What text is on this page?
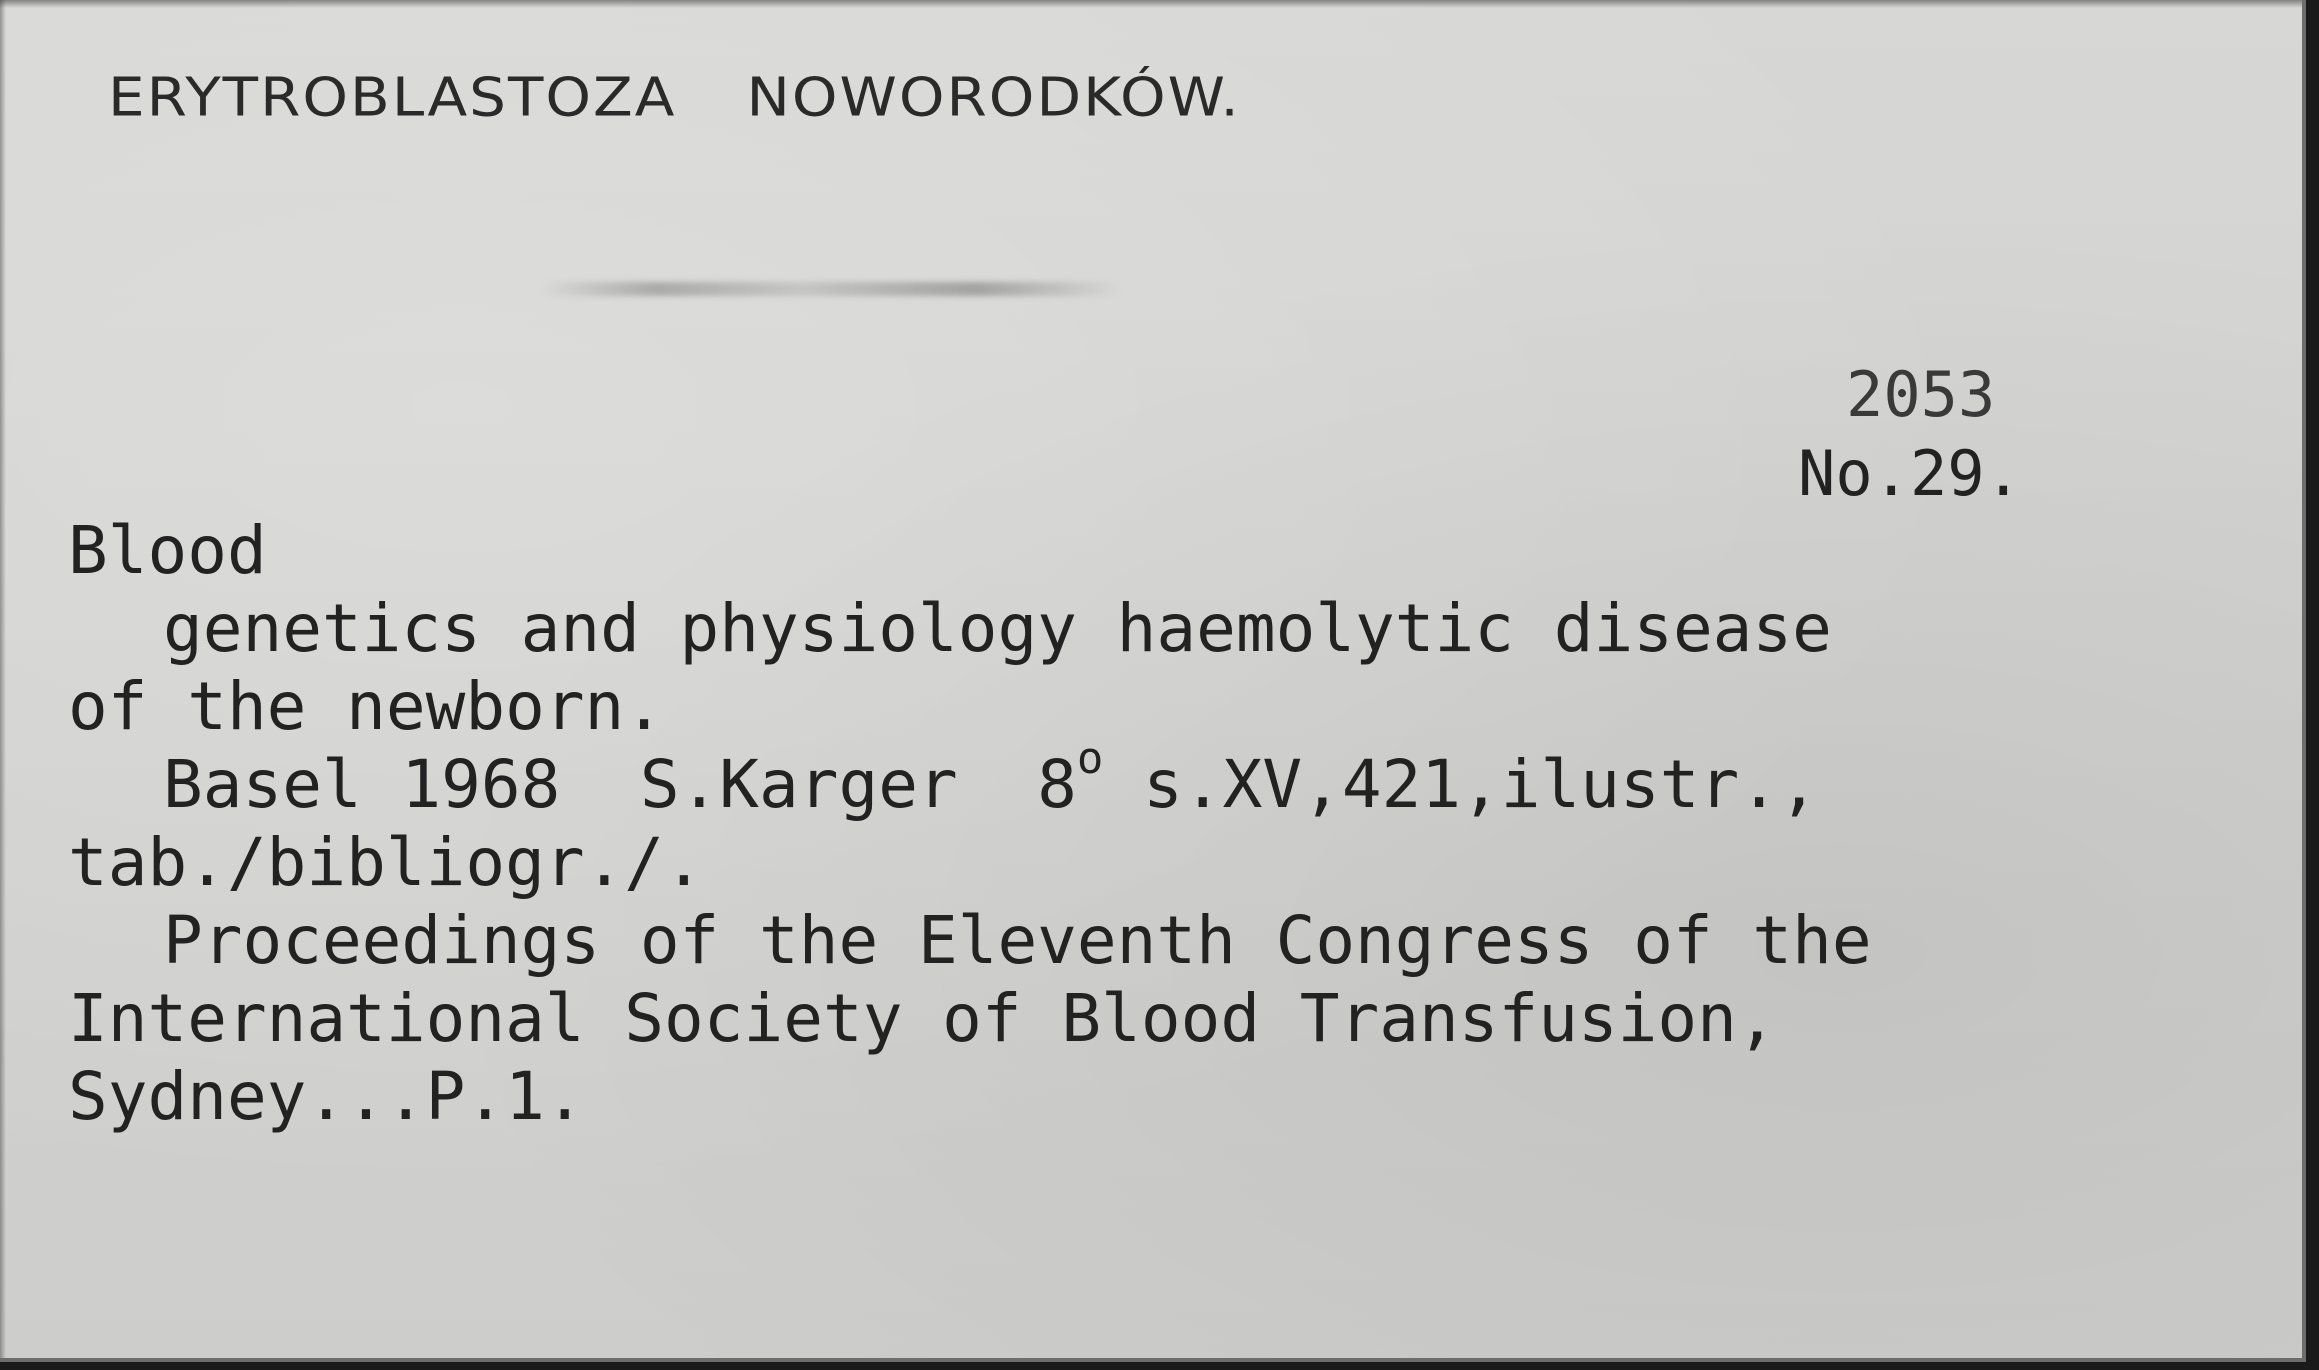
ERYTROBLASTOZA NOWORODKÓW.
2053
No.29.
Blood
genetics and physiology haemolytic disease
of the newborn.
Basel 1968  S.Karger  8$^o$ s.XV,421,ilustr.,
tab./bibliogr./.
Proceedings of the Eleventh Congress of the
International Society of Blood Transfusion,
Sydney...P.1.
